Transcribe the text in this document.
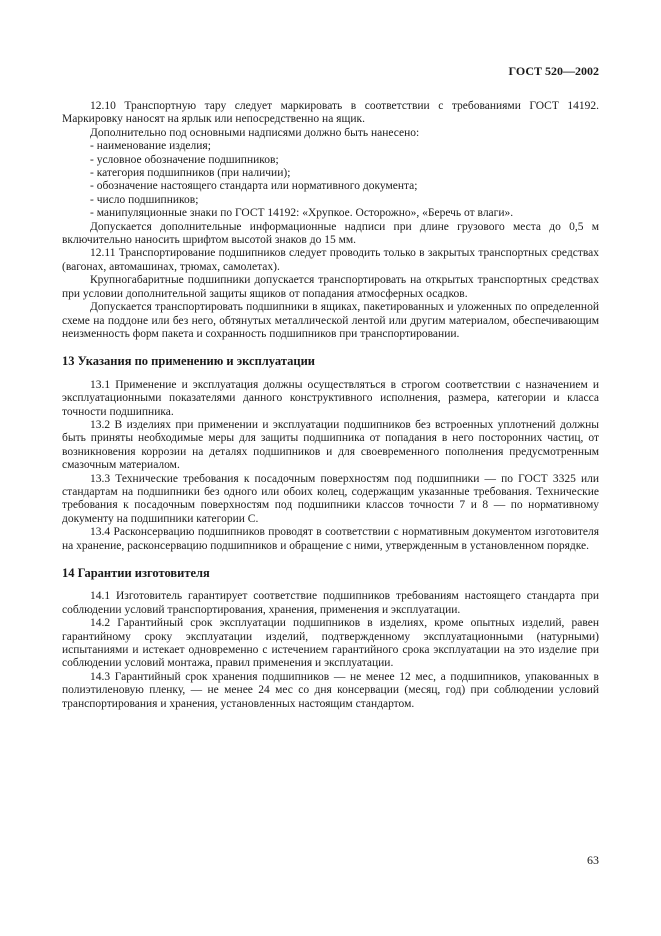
ГОСТ 520—2002

12.10 Транспортную тару следует маркировать в соответствии с требованиями ГОСТ 14192. Маркировку наносят на ярлык или непосредственно на ящик.

Дополнительно под основными надписями должно быть нанесено:

- наименование изделия;

- условное обозначение подшипников;

- категория подшипников (при наличии);

- обозначение настоящего стандарта или нормативного документа;

- число подшипников;

- манипуляционные знаки по ГОСТ 14192: «Хрупкое. Осторожно», «Беречь от влаги».

Допускается дополнительные информационные надписи при длине грузового места до 0,5 м включительно наносить шрифтом высотой знаков до 15 мм.

12.11 Транспортирование подшипников следует проводить только в закрытых транспортных средствах (вагонах, автомашинах, трюмах, самолетах).

Крупногабаритные подшипники допускается транспортировать на открытых транспортных средствах при условии дополнительной защиты ящиков от попадания атмосферных осадков.

Допускается транспортировать подшипники в ящиках, пакетированных и уложенных по определенной схеме на поддоне или без него, обтянутых металлической лентой или другим материалом, обеспечивающим неизменность форм пакета и сохранность подшипников при транспортировании.

13 Указания по применению и эксплуатации

13.1 Применение и эксплуатация должны осуществляться в строгом соответствии с назначением и эксплуатационными показателями данного конструктивного исполнения, размера, категории и класса точности подшипника.

13.2 В изделиях при применении и эксплуатации подшипников без встроенных уплотнений должны быть приняты необходимые меры для защиты подшипника от попадания в него посторонних частиц, от возникновения коррозии на деталях подшипников и для своевременного пополнения предусмотренным смазочным материалом.

13.3 Технические требования к посадочным поверхностям под подшипники — по ГОСТ 3325 или стандартам на подшипники без одного или обоих колец, содержащим указанные требования. Технические требования к посадочным поверхностям под подшипники классов точности 7 и 8 — по нормативному документу на подшипники категории С.

13.4 Расконсервацию подшипников проводят в соответствии с нормативным документом изготовителя на хранение, расконсервацию подшипников и обращение с ними, утвержденным в установленном порядке.

14 Гарантии изготовителя

14.1 Изготовитель гарантирует соответствие подшипников требованиям настоящего стандарта при соблюдении условий транспортирования, хранения, применения и эксплуатации.

14.2 Гарантийный срок эксплуатации подшипников в изделиях, кроме опытных изделий, равен гарантийному сроку эксплуатации изделий, подтвержденному эксплуатационными (натурными) испытаниями и истекает одновременно с истечением гарантийного срока эксплуатации на это изделие при соблюдении условий монтажа, правил применения и эксплуатации.

14.3 Гарантийный срок хранения подшипников — не менее 12 мес, а подшипников, упакованных в полиэтиленовую пленку, — не менее 24 мес со дня консервации (месяц, год) при соблюдении условий транспортирования и хранения, установленных настоящим стандартом.

63
